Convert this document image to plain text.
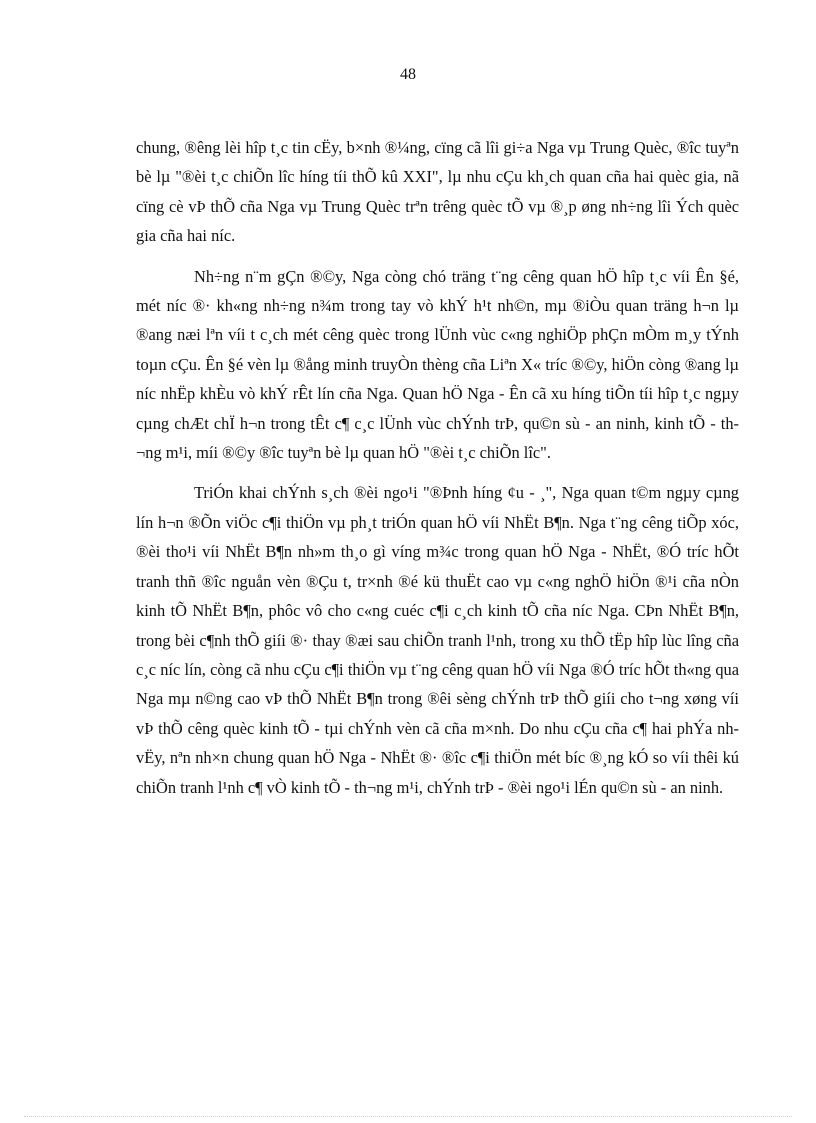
48

chung, ®êng lèi hîp t¸c tin cËy, b×nh ®¼ng, cïng cã lîi gi÷a Nga vµ Trung Quèc, ®îc tuyªn bè lµ "®èi t¸c chiÕn lîc híng tíi thÕ kû XXI", lµ nhu cÇu kh¸ch quan cña hai quèc gia, nã cïng cè vÞ thÕ cña Nga vµ Trung Quèc trªn trêng quèc tÕ vµ ®¸p øng nh÷ng lîi Ých quèc gia cña hai níc.

Nh÷ng n¨m gÇn ®©y, Nga còng chó träng t¨ng cêng quan hÖ hîp t¸c víi Ên §é, mét níc ®· kh«ng nh÷ng n¾m trong tay vò khÝ h¹t nh©n, mµ ®iÒu quan träng h¬n lµ ®ang næi lªn víi t c¸ch mét cêng quèc trong lÜnh vùc c«ng nghiÖp phÇn mÒm m¸y tÝnh toµn cÇu. Ên §é vèn lµ ®ång minh truyÒn thèng cña Liªn X« tríc ®©y, hiÖn còng ®ang lµ níc nhËp khÈu vò khÝ rÊt lín cña Nga. Quan hÖ Nga - Ên cã xu híng tiÕn tíi hîp t¸c ngµy cµng chÆt chÏ h¬n trong tÊt c¶ c¸c lÜnh vùc chÝnh trÞ, qu©n sù - an ninh, kinh tÕ - th¬ng m¹i, míi ®©y ®îc tuyªn bè lµ quan hÖ "®èi t¸c chiÕn lîc".

TriÓn khai chÝnh s¸ch ®èi ngo¹i "®Þnh híng ¢u - ¸", Nga quan t©m ngµy cµng lín h¬n ®Õn viÖc c¶i thiÖn vµ ph¸t triÓn quan hÖ víi NhËt B¶n. Nga t¨ng cêng tiÕp xóc, ®èi tho¹i víi NhËt B¶n nh»m th¸o gì víng m¾c trong quan hÖ Nga - NhËt, ®Ó tríc hÕt tranh thñ ®îc nguån vèn ®Çu t, tr×nh ®é kü thuËt cao vµ c«ng nghÖ hiÖn ®¹i cña nÒn kinh tÕ NhËt B¶n, phôc vô cho c«ng cuéc c¶i c¸ch kinh tÕ cña níc Nga. CÞn NhËt B¶n, trong bèi c¶nh thÕ giíi ®· thay ®æi sau chiÕn tranh l¹nh, trong xu thÕ tËp hîp lùc lîng cña c¸c níc lín, còng cã nhu cÇu c¶i thiÖn vµ t¨ng cêng quan hÖ víi Nga ®Ó tríc hÕt th«ng qua Nga mµ n©ng cao vÞ thÕ NhËt B¶n trong ®êi sèng chÝnh trÞ thÕ giíi cho t¬ng xøng víi vÞ thÕ cêng quèc kinh tÕ - tµi chÝnh vèn cã cña m×nh. Do nhu cÇu cña c¶ hai phÝa nh vËy, nªn nh×n chung quan hÖ Nga - NhËt ®· ®îc c¶i thiÖn mét bíc ®¸ng kÓ so víi thêi kú chiÕn tranh l¹nh c¶ vÒ kinh tÕ - th¬ng m¹i, chÝnh trÞ - ®èi ngo¹i lÉn qu©n sù - an ninh.
